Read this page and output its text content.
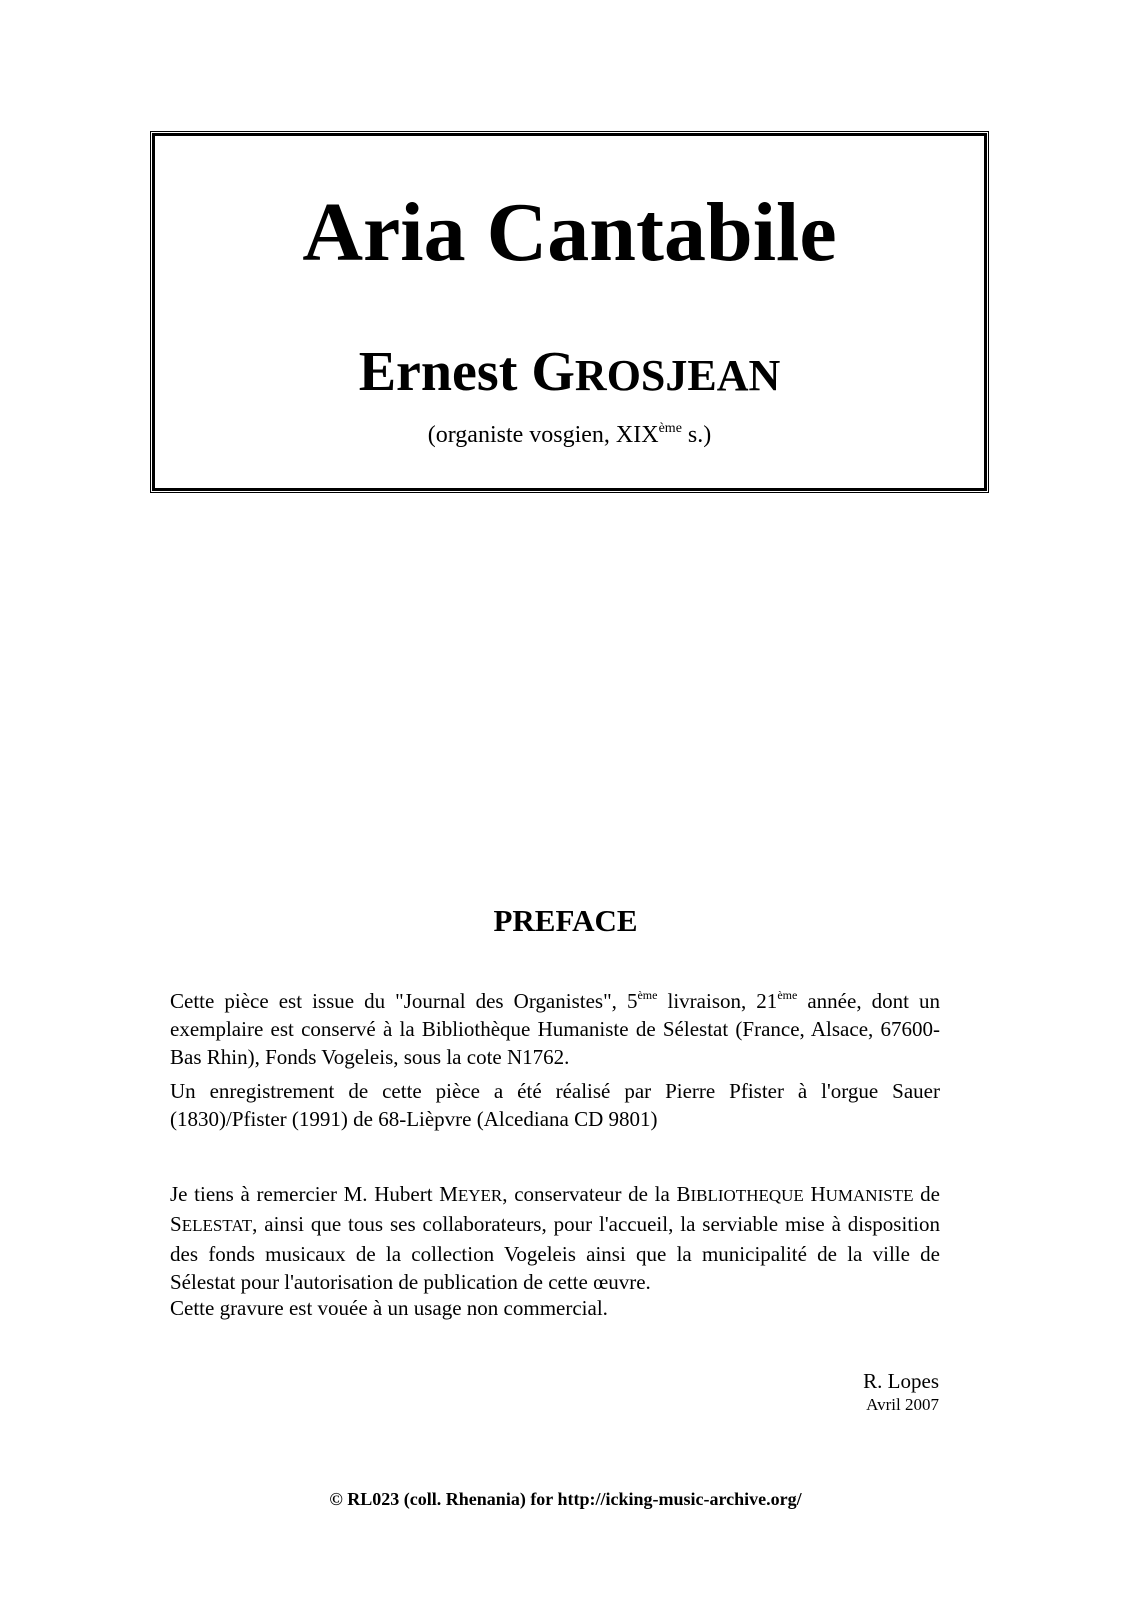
Aria Cantabile
Ernest GROSJEAN

(organiste vosgien, XIXème s.)

PREFACE

Cette pièce est issue du "Journal des Organistes", 5ème livraison, 21ème année, dont un exemplaire est conservé à la Bibliothèque Humaniste de Sélestat (France, Alsace, 67600-Bas Rhin), Fonds Vogeleis, sous la cote N1762.

Un enregistrement de cette pièce a été réalisé par Pierre Pfister à l'orgue Sauer (1830)/Pfister (1991) de 68-Lièpvre (Alcediana CD 9801)

Je tiens à remercier M. Hubert MEYER, conservateur de la BIBLIOTHEQUE HUMANISTE de SELESTAT, ainsi que tous ses collaborateurs, pour l'accueil, la serviable mise à disposition des fonds musicaux de la collection Vogeleis ainsi que la municipalité de la ville de Sélestat pour l'autorisation de publication de cette œuvre.

Cette gravure est vouée à un usage non commercial.

R. Lopes
Avril 2007

© RL023 (coll. Rhenania) for http://icking-music-archive.org/
